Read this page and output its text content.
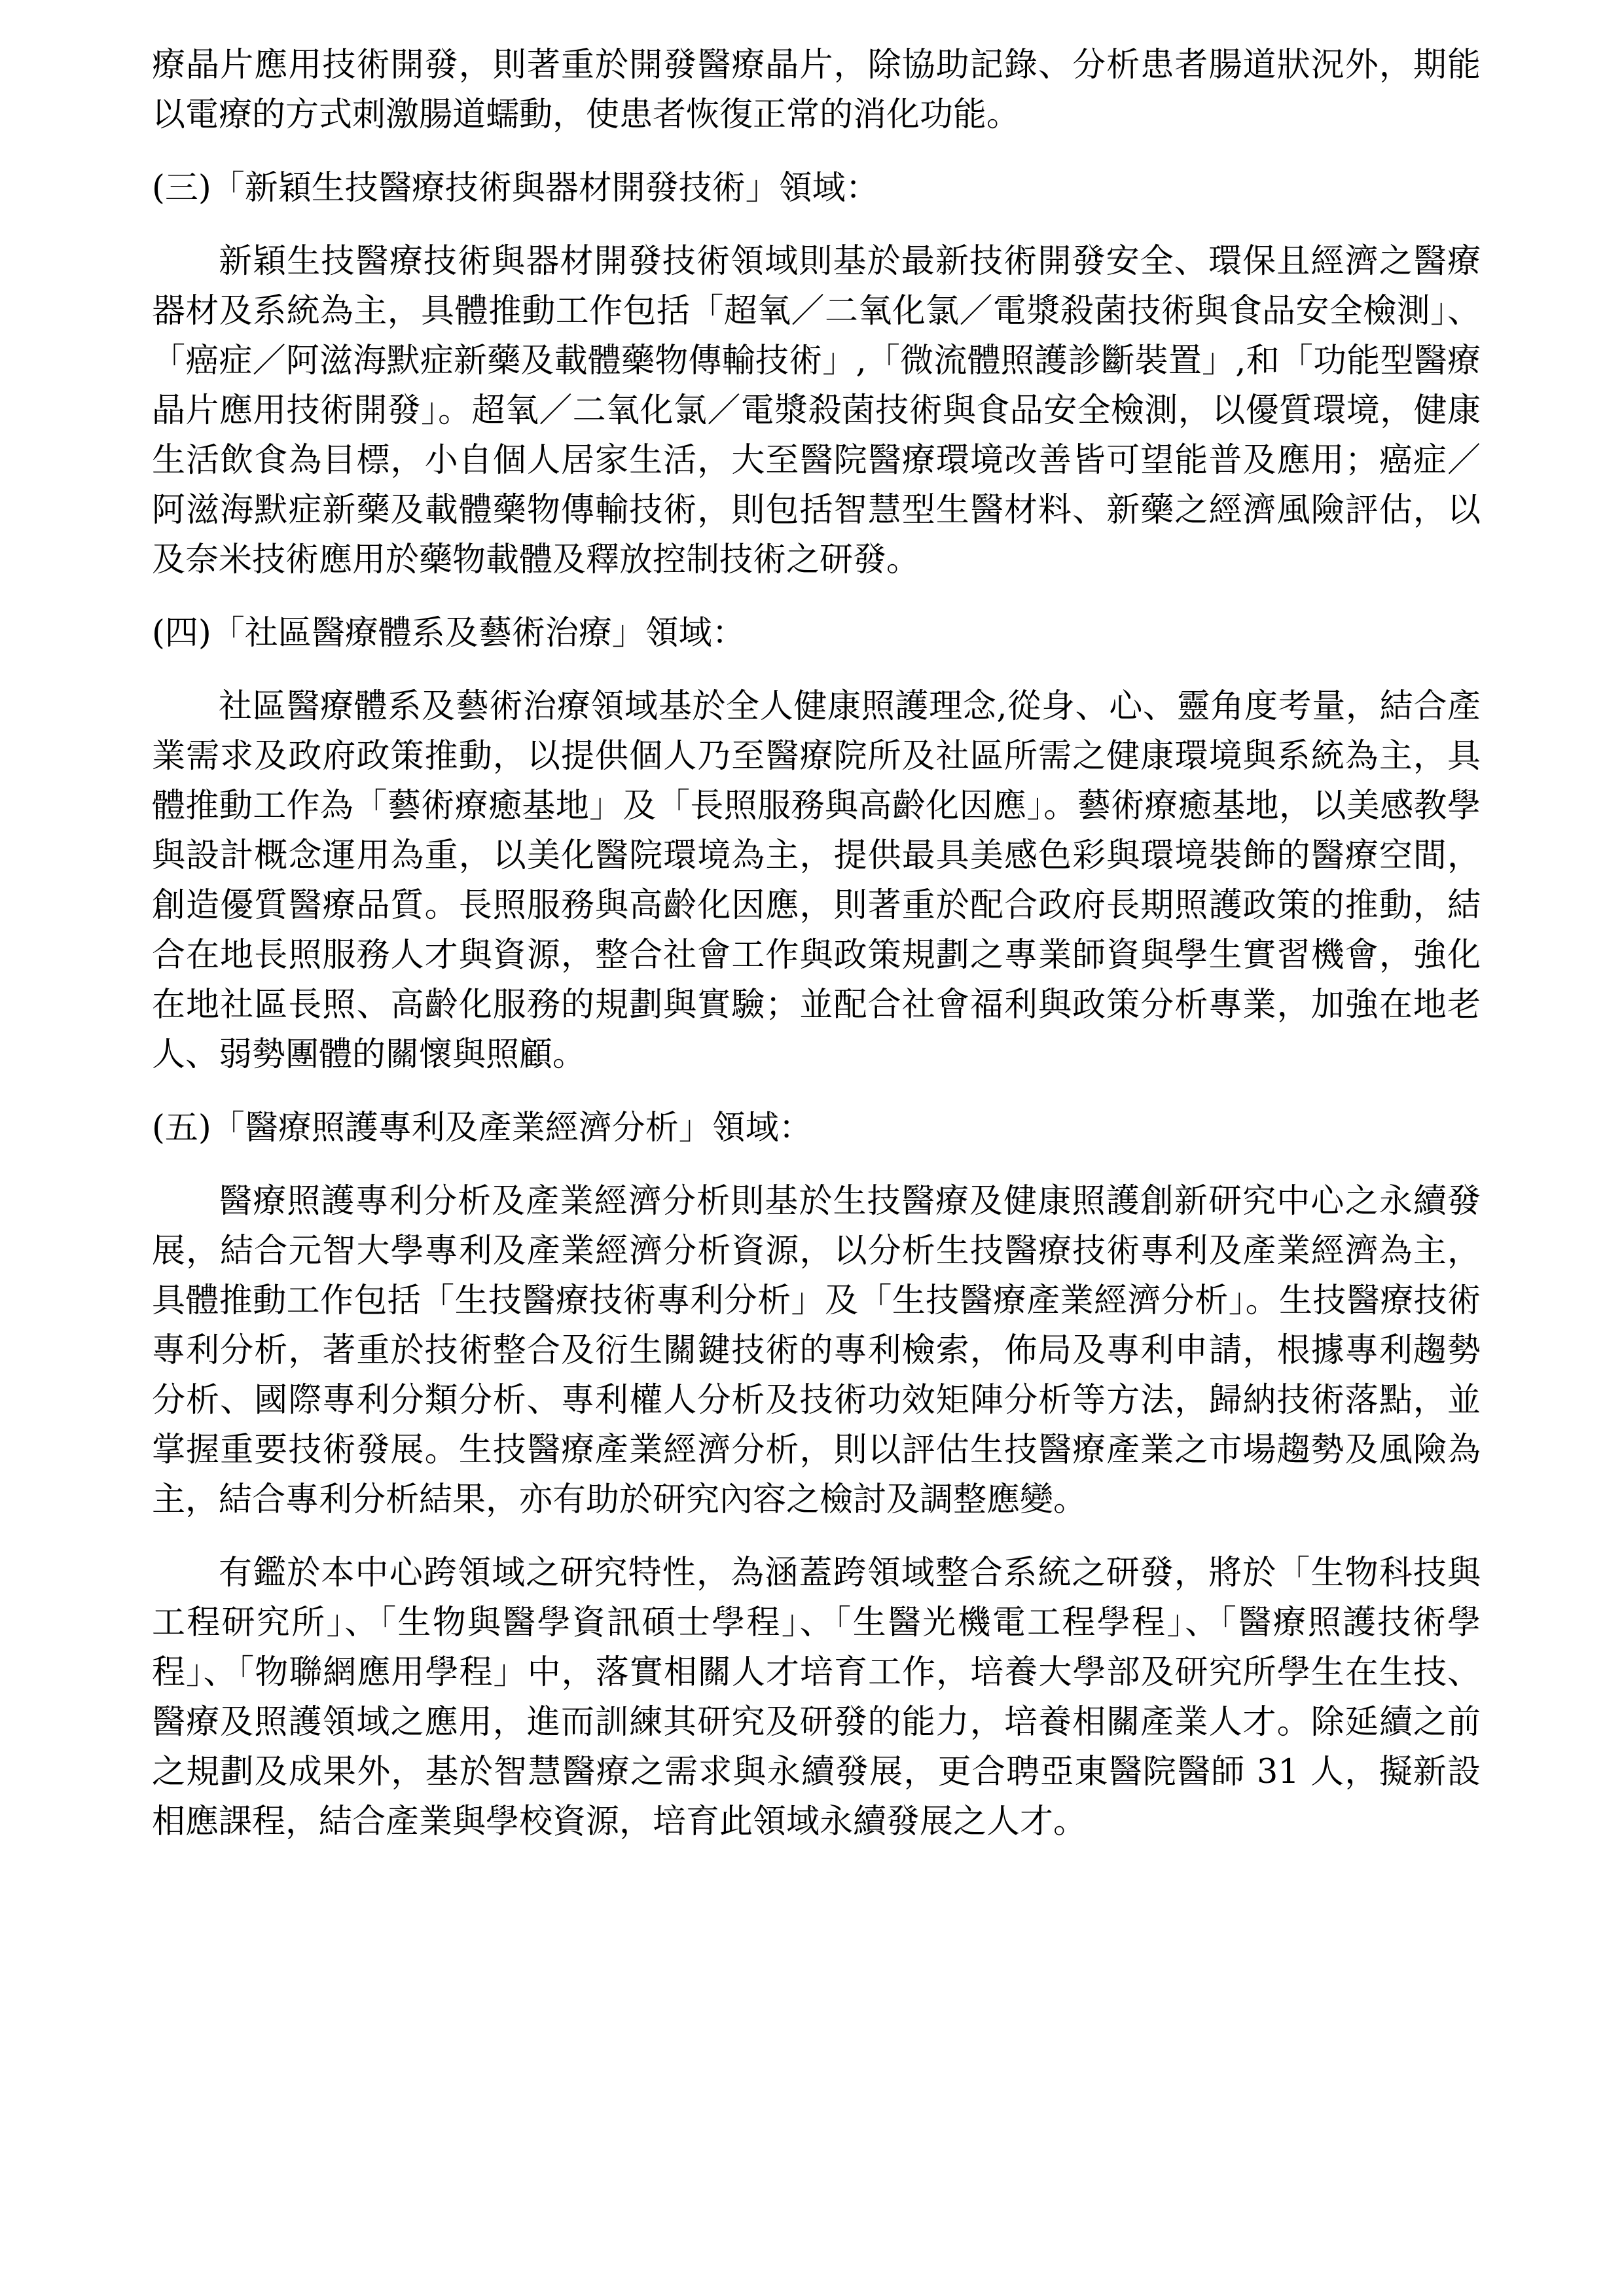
療晶片應用技術開發，則著重於開發醫療晶片，除協助記錄、分析患者腸道狀況外，期能以電療的方式刺激腸道蠕動，使患者恢復正常的消化功能。

(三)「新穎生技醫療技術與器材開發技術」領域：

新穎生技醫療技術與器材開發技術領域則基於最新技術開發安全、環保且經濟之醫療器材及系統為主，具體推動工作包括「超氧／二氧化氯／電漿殺菌技術與食品安全檢測」、「癌症／阿滋海默症新藥及載體藥物傳輸技術」,「微流體照護診斷裝置」,和「功能型醫療晶片應用技術開發」。超氧／二氧化氯／電漿殺菌技術與食品安全檢測，以優質環境，健康生活飲食為目標，小自個人居家生活，大至醫院醫療環境改善皆可望能普及應用；癌症／阿滋海默症新藥及載體藥物傳輸技術，則包括智慧型生醫材料、新藥之經濟風險評估，以及奈米技術應用於藥物載體及釋放控制技術之研發。

(四)「社區醫療體系及藝術治療」領域：

社區醫療體系及藝術治療領域基於全人健康照護理念,從身、心、靈角度考量，結合產業需求及政府政策推動，以提供個人乃至醫療院所及社區所需之健康環境與系統為主，具體推動工作為「藝術療癒基地」及「長照服務與高齡化因應」。藝術療癒基地，以美感教學與設計概念運用為重，以美化醫院環境為主，提供最具美感色彩與環境裝飾的醫療空間，創造優質醫療品質。長照服務與高齡化因應，則著重於配合政府長期照護政策的推動，結合在地長照服務人才與資源，整合社會工作與政策規劃之專業師資與學生實習機會，強化在地社區長照、高齡化服務的規劃與實驗；並配合社會福利與政策分析專業，加強在地老人、弱勢團體的關懷與照顧。

(五)「醫療照護專利及產業經濟分析」領域：

醫療照護專利分析及產業經濟分析則基於生技醫療及健康照護創新研究中心之永續發展，結合元智大學專利及產業經濟分析資源，以分析生技醫療技術專利及產業經濟為主，具體推動工作包括「生技醫療技術專利分析」及「生技醫療產業經濟分析」。生技醫療技術專利分析，著重於技術整合及衍生關鍵技術的專利檢索，佈局及專利申請，根據專利趨勢分析、國際專利分類分析、專利權人分析及技術功效矩陣分析等方法，歸納技術落點，並掌握重要技術發展。生技醫療產業經濟分析，則以評估生技醫療產業之市場趨勢及風險為主，結合專利分析結果，亦有助於研究內容之檢討及調整應變。

有鑑於本中心跨領域之研究特性，為涵蓋跨領域整合系統之研發，將於「生物科技與工程研究所」、「生物與醫學資訊碩士學程」、「生醫光機電工程學程」、「醫療照護技術學程」、「物聯網應用學程」中，落實相關人才培育工作，培養大學部及研究所學生在生技、醫療及照護領域之應用，進而訓練其研究及研發的能力，培養相關產業人才。除延續之前之規劃及成果外，基於智慧醫療之需求與永續發展，更合聘亞東醫院醫師 31 人，擬新設相應課程，結合產業與學校資源，培育此領域永續發展之人才。
